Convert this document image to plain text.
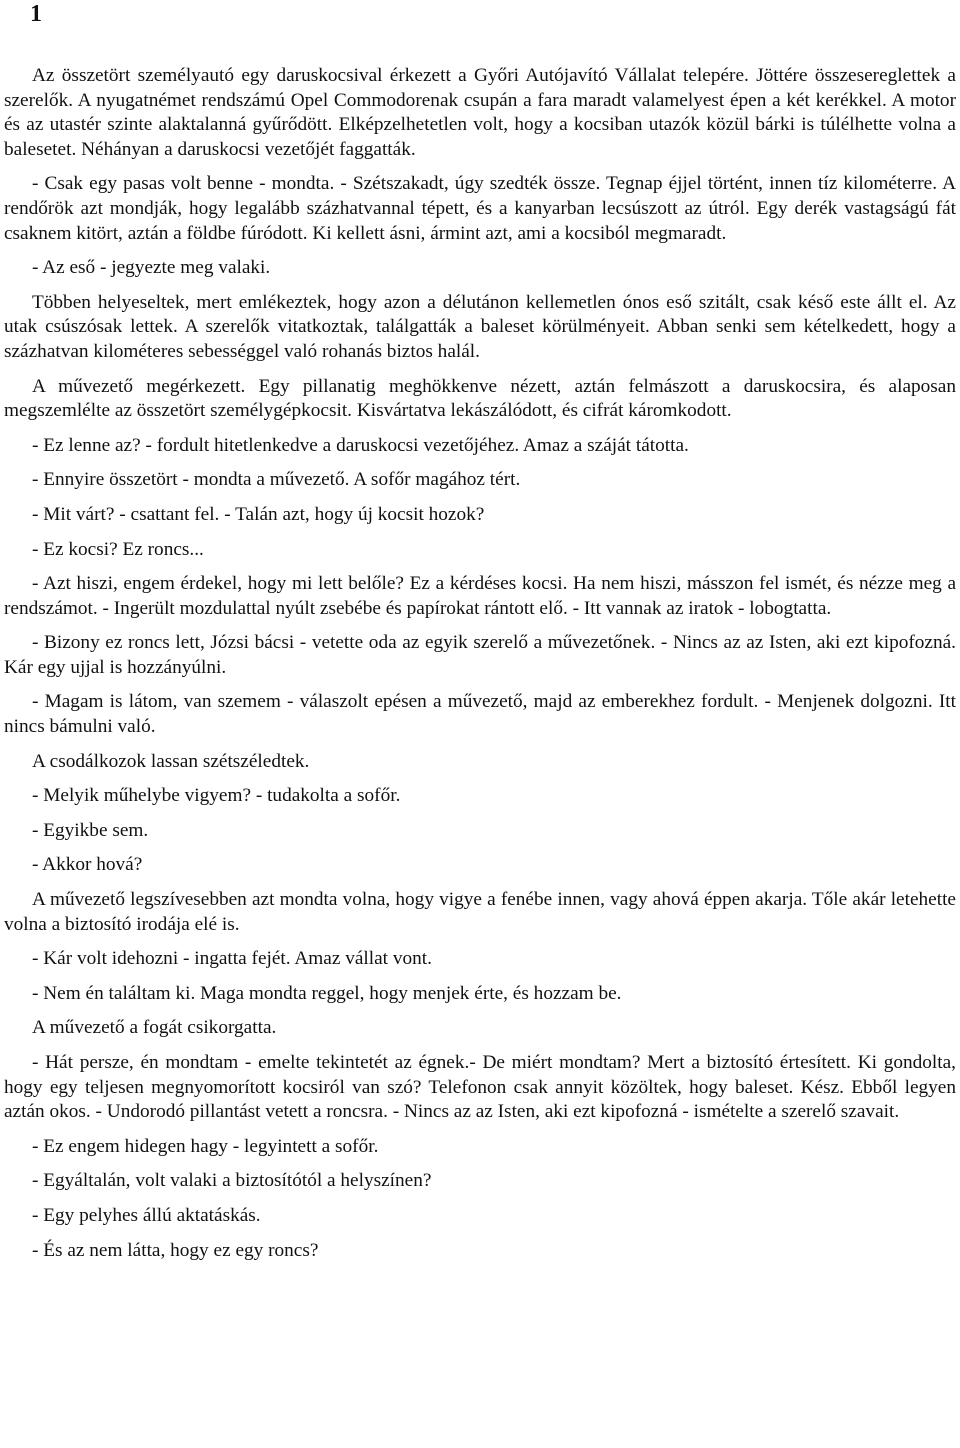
1

Az összetört személyautó egy daruskocsival érkezett a Győri Autójavító Vállalat telepére. Jöttére összesereglettek a szerelők. A nyugatnémet rendszámú Opel Commodorenak csupán a fara maradt valamelyest épen a két kerékkel. A motor és az utastér szinte alaktalanná gyűrődött. Elképzelhetetlen volt, hogy a kocsiban utazók közül bárki is túlélhette volna a balesetet. Néhányan a daruskocsi vezetőjét faggatták.

- Csak egy pasas volt benne - mondta. - Szétszakadt, úgy szedték össze. Tegnap éjjel történt, innen tíz kilométerre. A rendőrök azt mondják, hogy legalább százhatvannal tépett, és a kanyarban lecsúszott az útról. Egy derék vastagságú fát csaknem kitört, aztán a földbe fúródott. Ki kellett ásni, ármint azt, ami a kocsiból megmaradt.

- Az eső - jegyezte meg valaki.

Többen helyeseltek, mert emlékeztek, hogy azon a délutánon kellemetlen ónos eső szitált, csak késő este állt el. Az utak csúszósak lettek. A szerelők vitatkoztak, találgatták a baleset körülményeit. Abban senki sem kételkedett, hogy a százhatvan kilométeres sebességgel való rohanás biztos halál.

A művezető megérkezett. Egy pillanatig meghökkenve nézett, aztán felmászott a daruskocsira, és alaposan megszemlélte az összetört személygépkocsit. Kisvártatva lekászálódott, és cifrát káromkodott.

- Ez lenne az? - fordult hitetlenkedve a daruskocsi vezetőjéhez. Amaz a száját tátotta.

- Ennyire összetört - mondta a művezető. A sofőr magához tért.

- Mit várt? - csattant fel. - Talán azt, hogy új kocsit hozok?

- Ez kocsi? Ez roncs...

- Azt hiszi, engem érdekel, hogy mi lett belőle? Ez a kérdéses kocsi. Ha nem hiszi, másszon fel ismét, és nézze meg a rendszámot. - Ingerült mozdulattal nyúlt zsebébe és papírokat rántott elő. - Itt vannak az iratok - lobogtatta.

- Bizony ez roncs lett, Józsi bácsi - vetette oda az egyik szerelő a művezetőnek. - Nincs az az Isten, aki ezt kipofozná. Kár egy ujjal is hozzányúlni.

- Magam is látom, van szemem - válaszolt epésen a művezető, majd az emberekhez fordult. - Menjenek dolgozni. Itt nincs bámulni való.

A csodálkozok lassan szétszéledtek.

- Melyik műhelybe vigyem? - tudakolta a sofőr.

- Egyikbe sem.

- Akkor hová?

A művezető legszívesebben azt mondta volna, hogy vigye a fenébe innen, vagy ahová éppen akarja. Tőle akár letehette volna a biztosító irodája elé is.

- Kár volt idehozni - ingatta fejét. Amaz vállat vont.

- Nem én találtam ki. Maga mondta reggel, hogy menjek érte, és hozzam be.

A művezető a fogát csikorgatta.

- Hát persze, én mondtam - emelte tekintetét az égnek.- De miért mondtam? Mert a biztosító értesített. Ki gondolta, hogy egy teljesen megnyomorított kocsiról van szó? Telefonon csak annyit közöltek, hogy baleset. Kész. Ebből legyen aztán okos. - Undorodó pillantást vetett a roncsra. - Nincs az az Isten, aki ezt kipofozná - ismételte a szerelő szavait.

- Ez engem hidegen hagy - legyintett a sofőr.

- Egyáltalán, volt valaki a biztosítótól a helyszínen?

- Egy pelyhes állú aktatáskás.

- És az nem látta, hogy ez egy roncs?
